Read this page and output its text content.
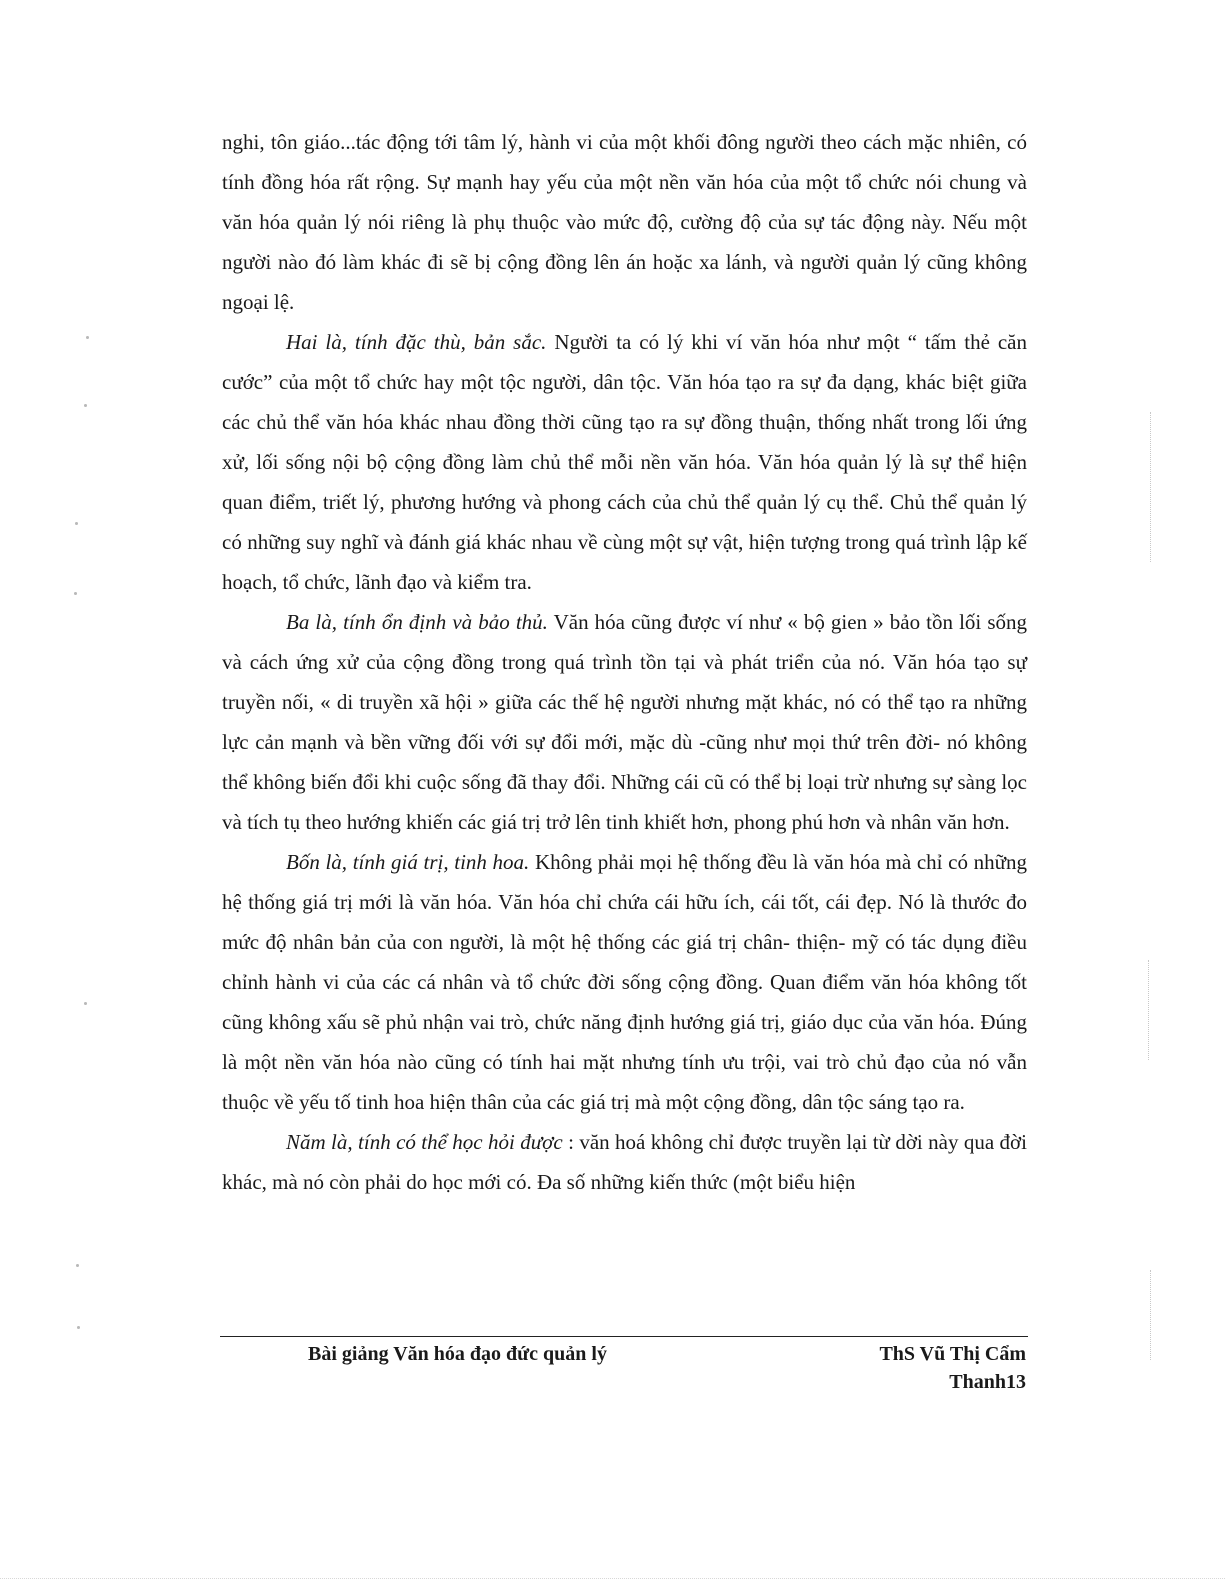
nghi, tôn giáo...tác động tới tâm lý, hành vi của một khối đông người theo cách mặc nhiên, có tính đồng hóa rất rộng. Sự mạnh hay yếu của một nền văn hóa của một tổ chức nói chung và văn hóa quản lý nói riêng là phụ thuộc vào mức độ, cường độ của sự tác động này. Nếu một người nào đó làm khác đi sẽ bị cộng đồng lên án hoặc xa lánh, và người quản lý cũng không ngoại lệ.

Hai là, tính đặc thù, bản sắc. Người ta có lý khi ví văn hóa như một “ tấm thẻ căn cước” của một tổ chức hay một tộc người, dân tộc. Văn hóa tạo ra sự đa dạng, khác biệt giữa các chủ thể văn hóa khác nhau đồng thời cũng tạo ra sự đồng thuận, thống nhất trong lối ứng xử, lối sống nội bộ cộng đồng làm chủ thể mỗi nền văn hóa. Văn hóa quản lý là sự thể hiện quan điểm, triết lý, phương hướng và phong cách của chủ thể quản lý cụ thể. Chủ thể quản lý có những suy nghĩ và đánh giá khác nhau về cùng một sự vật, hiện tượng trong quá trình lập kế hoạch, tổ chức, lãnh đạo và kiểm tra.

Ba là, tính ổn định và bảo thủ. Văn hóa cũng được ví như « bộ gien » bảo tồn lối sống và cách ứng xử của cộng đồng trong quá trình tồn tại và phát triển của nó. Văn hóa tạo sự truyền nối, « di truyền xã hội » giữa các thế hệ người nhưng mặt khác, nó có thể tạo ra những lực cản mạnh và bền vững đối với sự đổi mới, mặc dù -cũng như mọi thứ trên đời- nó không thể không biến đổi khi cuộc sống đã thay đổi. Những cái cũ có thể bị loại trừ nhưng sự sàng lọc và tích tụ theo hướng khiến các giá trị trở lên tinh khiết hơn, phong phú hơn và nhân văn hơn.

Bốn là, tính giá trị, tinh hoa. Không phải mọi hệ thống đều là văn hóa mà chỉ có những hệ thống giá trị mới là văn hóa. Văn hóa chỉ chứa cái hữu ích, cái tốt, cái đẹp. Nó là thước đo mức độ nhân bản của con người, là một hệ thống các giá trị chân- thiện- mỹ có tác dụng điều chỉnh hành vi của các cá nhân và tổ chức đời sống cộng đồng. Quan điểm văn hóa không tốt cũng không xấu sẽ phủ nhận vai trò, chức năng định hướng giá trị, giáo dục của văn hóa. Đúng là một nền văn hóa nào cũng có tính hai mặt nhưng tính ưu trội, vai trò chủ đạo của nó vẫn thuộc về yếu tố tinh hoa hiện thân của các giá trị mà một cộng đồng, dân tộc sáng tạo ra.

Năm là, tính có thể học hỏi được : văn hoá không chỉ được truyền lại từ dời này qua đời khác, mà nó còn phải do học mới có. Đa số những kiến thức (một biểu hiện

Bài giảng Văn hóa đạo đức quản lý	ThS Vũ Thị Cẩm
Thanh13
